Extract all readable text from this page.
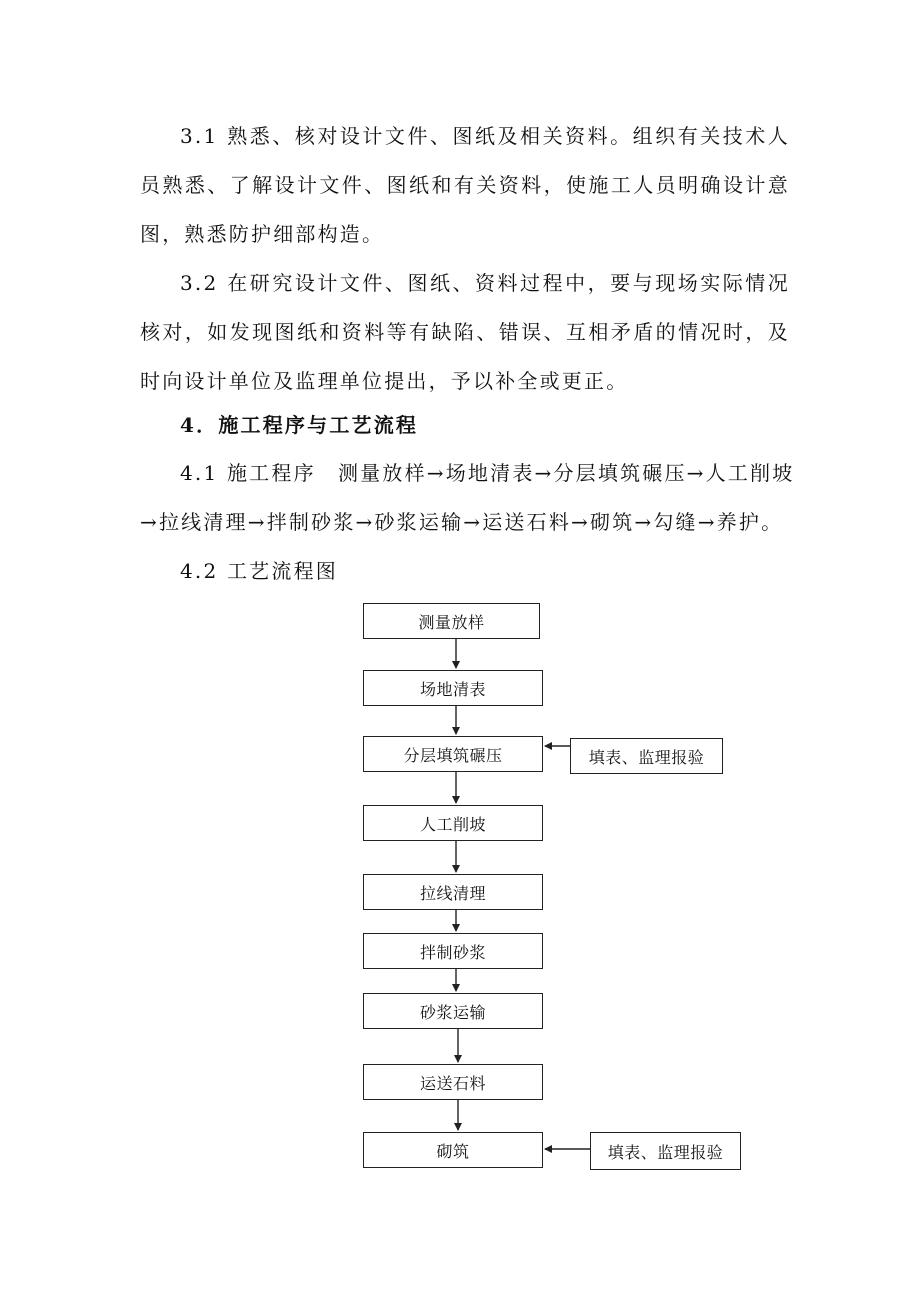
3.1 熟悉、核对设计文件、图纸及相关资料。组织有关技术人员熟悉、了解设计文件、图纸和有关资料，使施工人员明确设计意图，熟悉防护细部构造。

3.2 在研究设计文件、图纸、资料过程中，要与现场实际情况核对，如发现图纸和资料等有缺陷、错误、互相矛盾的情况时，及时向设计单位及监理单位提出，予以补全或更正。

4．施工程序与工艺流程

4.1 施工程序　测量放样→场地清表→分层填筑碾压→人工削坡

→拉线清理→拌制砂浆→砂浆运输→运送石料→砌筑→勾缝→养护。

4.2 工艺流程图

测量放样
场地清表
分层填筑碾压
人工削坡
拉线清理
拌制砂浆
砂浆运输
运送石料
砌筑
填表、监理报验
填表、监理报验
